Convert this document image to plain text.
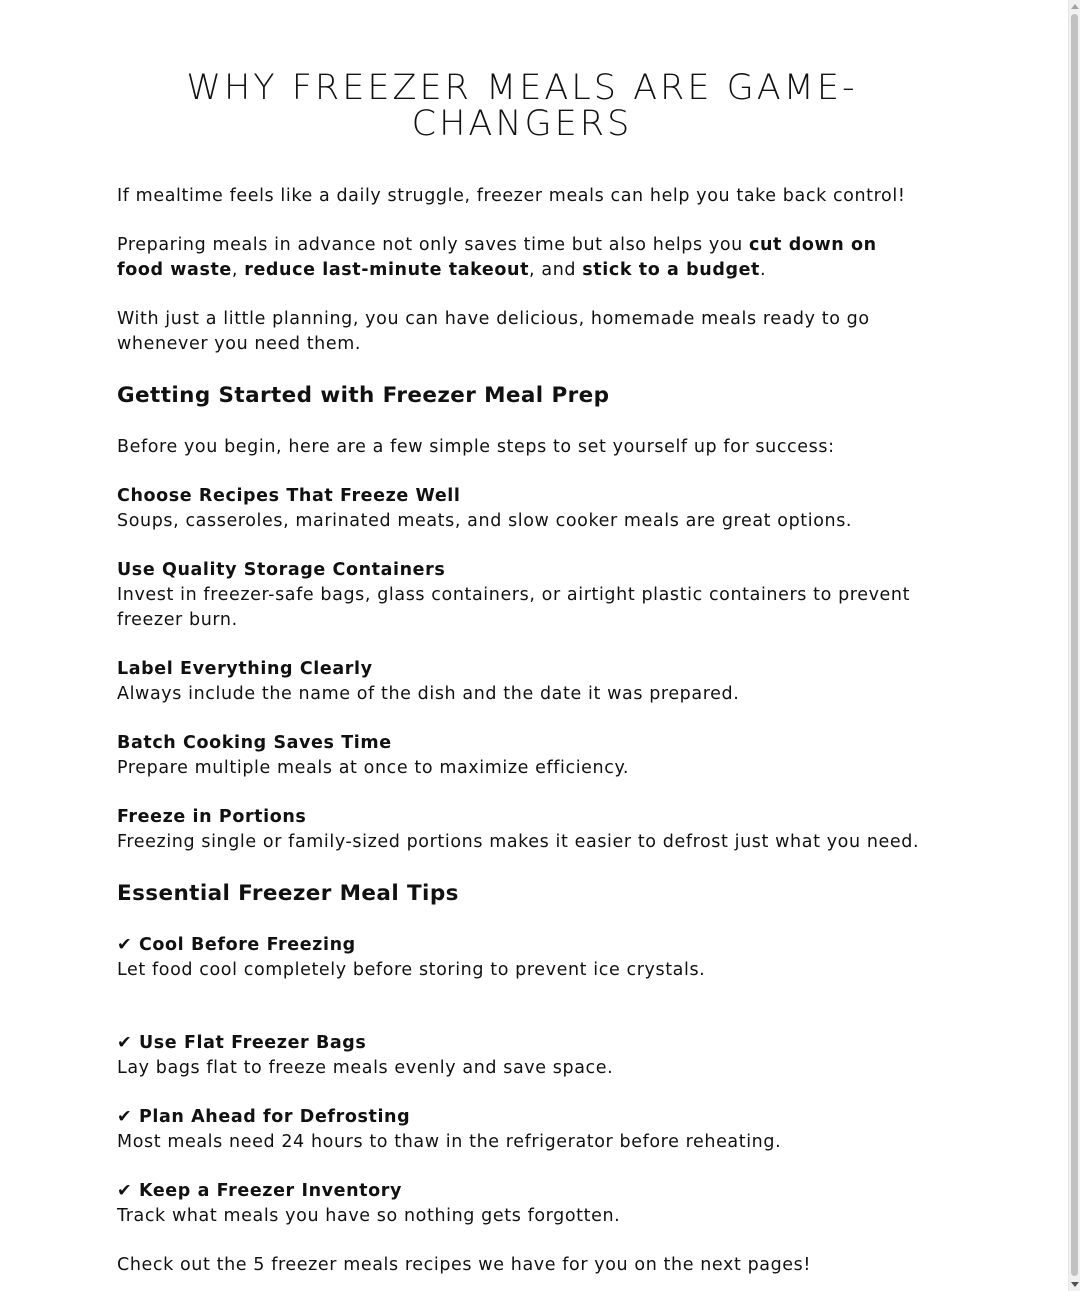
WHY FREEZER MEALS ARE GAME-CHANGERS

If mealtime feels like a daily struggle, freezer meals can help you take back control!

Preparing meals in advance not only saves time but also helps you cut down on food waste, reduce last-minute takeout, and stick to a budget.

With just a little planning, you can have delicious, homemade meals ready to go whenever you need them.

Getting Started with Freezer Meal Prep

Before you begin, here are a few simple steps to set yourself up for success:

Choose Recipes That Freeze Well
Soups, casseroles, marinated meats, and slow cooker meals are great options.
Use Quality Storage Containers
Invest in freezer-safe bags, glass containers, or airtight plastic containers to prevent freezer burn.
Label Everything Clearly
Always include the name of the dish and the date it was prepared.
Batch Cooking Saves Time
Prepare multiple meals at once to maximize efficiency.
Freeze in Portions
Freezing single or family-sized portions makes it easier to defrost just what you need.
Essential Freezer Meal Tips
✔ Cool Before Freezing
Let food cool completely before storing to prevent ice crystals.
✔ Use Flat Freezer Bags
Lay bags flat to freeze meals evenly and save space.
✔ Plan Ahead for Defrosting
Most meals need 24 hours to thaw in the refrigerator before reheating.
✔ Keep a Freezer Inventory
Track what meals you have so nothing gets forgotten.

Check out the 5 freezer meals recipes we have for you on the next pages!
